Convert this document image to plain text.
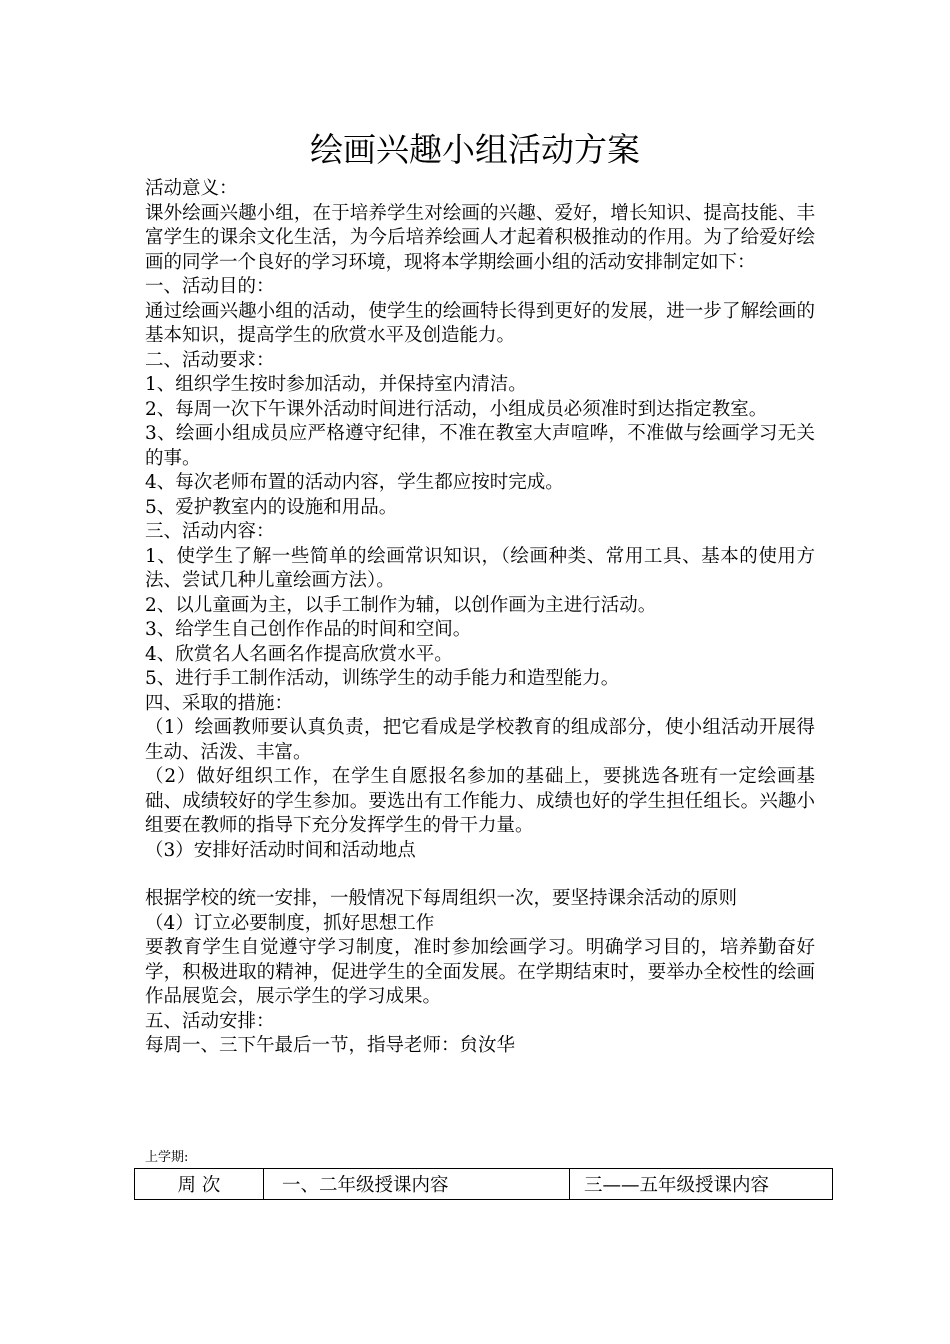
绘画兴趣小组活动方案

活动意义：

课外绘画兴趣小组，在于培养学生对绘画的兴趣、爱好，增长知识、提高技能、丰富学生的课余文化生活，为今后培养绘画人才起着积极推动的作用。为了给爱好绘画的同学一个良好的学习环境，现将本学期绘画小组的活动安排制定如下：

一、活动目的：

通过绘画兴趣小组的活动，使学生的绘画特长得到更好的发展，进一步了解绘画的基本知识，提高学生的欣赏水平及创造能力。

二、活动要求：

1、组织学生按时参加活动，并保持室内清洁。

2、每周一次下午课外活动时间进行活动，小组成员必须准时到达指定教室。

3、绘画小组成员应严格遵守纪律，不准在教室大声喧哗，不准做与绘画学习无关的事。

4、每次老师布置的活动内容，学生都应按时完成。

5、爱护教室内的设施和用品。

三、活动内容：

1、使学生了解一些简单的绘画常识知识，（绘画种类、常用工具、基本的使用方法、尝试几种儿童绘画方法）。

2、以儿童画为主，以手工制作为辅，以创作画为主进行活动。

3、给学生自己创作作品的时间和空间。

4、欣赏名人名画名作提高欣赏水平。

5、进行手工制作活动，训练学生的动手能力和造型能力。

四、采取的措施：

（1）绘画教师要认真负责，把它看成是学校教育的组成部分，使小组活动开展得生动、活泼、丰富。

（2）做好组织工作，在学生自愿报名参加的基础上，要挑选各班有一定绘画基础、成绩较好的学生参加。要选出有工作能力、成绩也好的学生担任组长。兴趣小组要在教师的指导下充分发挥学生的骨干力量。

（3）安排好活动时间和活动地点

根据学校的统一安排，一般情况下每周组织一次，要坚持课余活动的原则

（4）订立必要制度，抓好思想工作

要教育学生自觉遵守学习制度，准时参加绘画学习。明确学习目的，培养勤奋好学，积极进取的精神，促进学生的全面发展。在学期结束时，要举办全校性的绘画作品展览会，展示学生的学习成果。

五、活动安排：

每周一、三下午最后一节，指导老师：贠汝华

上学期:
周 次	一、二年级授课内容	三——五年级授课内容
